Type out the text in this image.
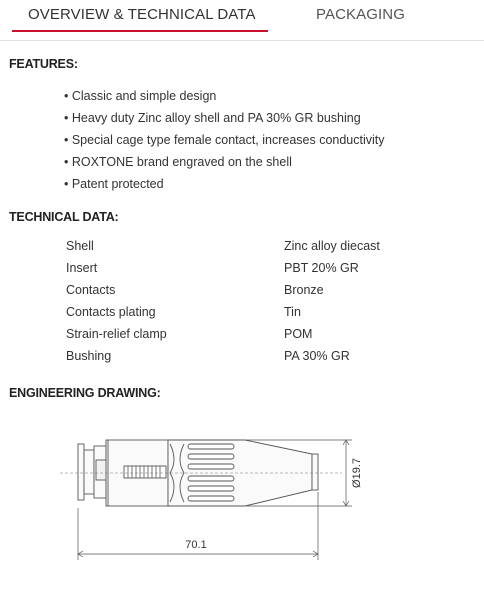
OVERVIEW & TECHNICAL DATA	PACKAGING
FEATURES:
• Classic and simple design
• Heavy duty Zinc alloy shell and PA 30% GR bushing
• Special cage type female contact, increases conductivity
• ROXTONE brand engraved on the shell
• Patent protected
TECHNICAL DATA:
Shell	Zinc alloy diecast
Insert	PBT 20% GR
Contacts	Bronze
Contacts plating	Tin
Strain-relief clamp	POM
Bushing	PA 30% GR
ENGINEERING DRAWING:
Ø19.7
70.1
